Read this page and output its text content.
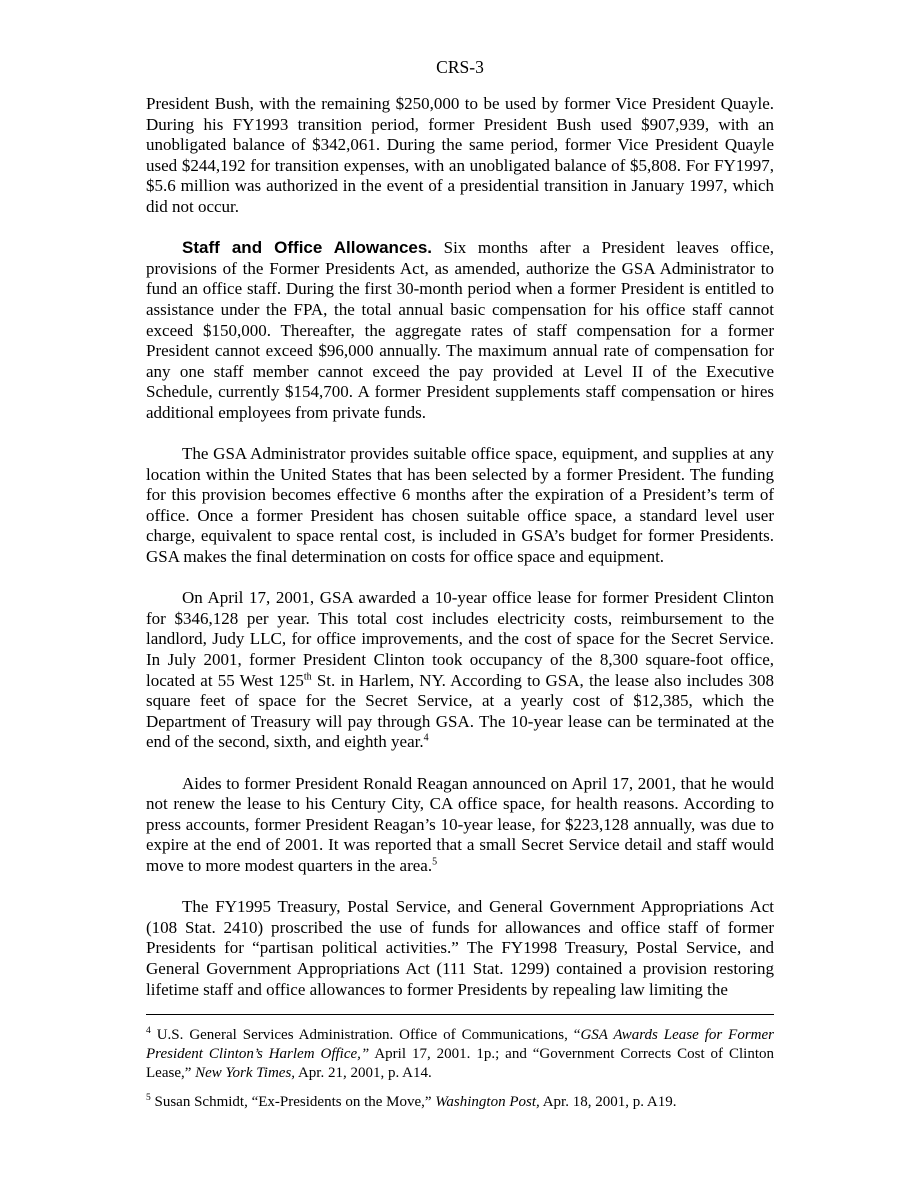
CRS-3

President Bush, with the remaining $250,000 to be used by former Vice President Quayle. During his FY1993 transition period, former President Bush used $907,939, with an unobligated balance of $342,061. During the same period, former Vice President Quayle used $244,192 for transition expenses, with an unobligated balance of $5,808. For FY1997, $5.6 million was authorized in the event of a presidential transition in January 1997, which did not occur.

Staff and Office Allowances. Six months after a President leaves office, provisions of the Former Presidents Act, as amended, authorize the GSA Administrator to fund an office staff. During the first 30-month period when a former President is entitled to assistance under the FPA, the total annual basic compensation for his office staff cannot exceed $150,000. Thereafter, the aggregate rates of staff compensation for a former President cannot exceed $96,000 annually. The maximum annual rate of compensation for any one staff member cannot exceed the pay provided at Level II of the Executive Schedule, currently $154,700. A former President supplements staff compensation or hires additional employees from private funds.

The GSA Administrator provides suitable office space, equipment, and supplies at any location within the United States that has been selected by a former President. The funding for this provision becomes effective 6 months after the expiration of a President’s term of office. Once a former President has chosen suitable office space, a standard level user charge, equivalent to space rental cost, is included in GSA’s budget for former Presidents. GSA makes the final determination on costs for office space and equipment.

On April 17, 2001, GSA awarded a 10-year office lease for former President Clinton for $346,128 per year. This total cost includes electricity costs, reimbursement to the landlord, Judy LLC, for office improvements, and the cost of space for the Secret Service. In July 2001, former President Clinton took occupancy of the 8,300 square-foot office, located at 55 West 125th St. in Harlem, NY. According to GSA, the lease also includes 308 square feet of space for the Secret Service, at a yearly cost of $12,385, which the Department of Treasury will pay through GSA. The 10-year lease can be terminated at the end of the second, sixth, and eighth year.$^4$

Aides to former President Ronald Reagan announced on April 17, 2001, that he would not renew the lease to his Century City, CA office space, for health reasons. According to press accounts, former President Reagan’s 10-year lease, for $223,128 annually, was due to expire at the end of 2001. It was reported that a small Secret Service detail and staff would move to more modest quarters in the area.$^5$

The FY1995 Treasury, Postal Service, and General Government Appropriations Act (108 Stat. 2410) proscribed the use of funds for allowances and office staff of former Presidents for “partisan political activities.” The FY1998 Treasury, Postal Service, and General Government Appropriations Act (111 Stat. 1299) contained a provision restoring lifetime staff and office allowances to former Presidents by repealing law limiting the

$^4$ U.S. General Services Administration. Office of Communications, “GSA Awards Lease for Former President Clinton’s Harlem Office,” April 17, 2001. 1p.; and “Government Corrects Cost of Clinton Lease,” New York Times, Apr. 21, 2001, p. A14.

$^5$ Susan Schmidt, “Ex-Presidents on the Move,” Washington Post, Apr. 18, 2001, p. A19.
